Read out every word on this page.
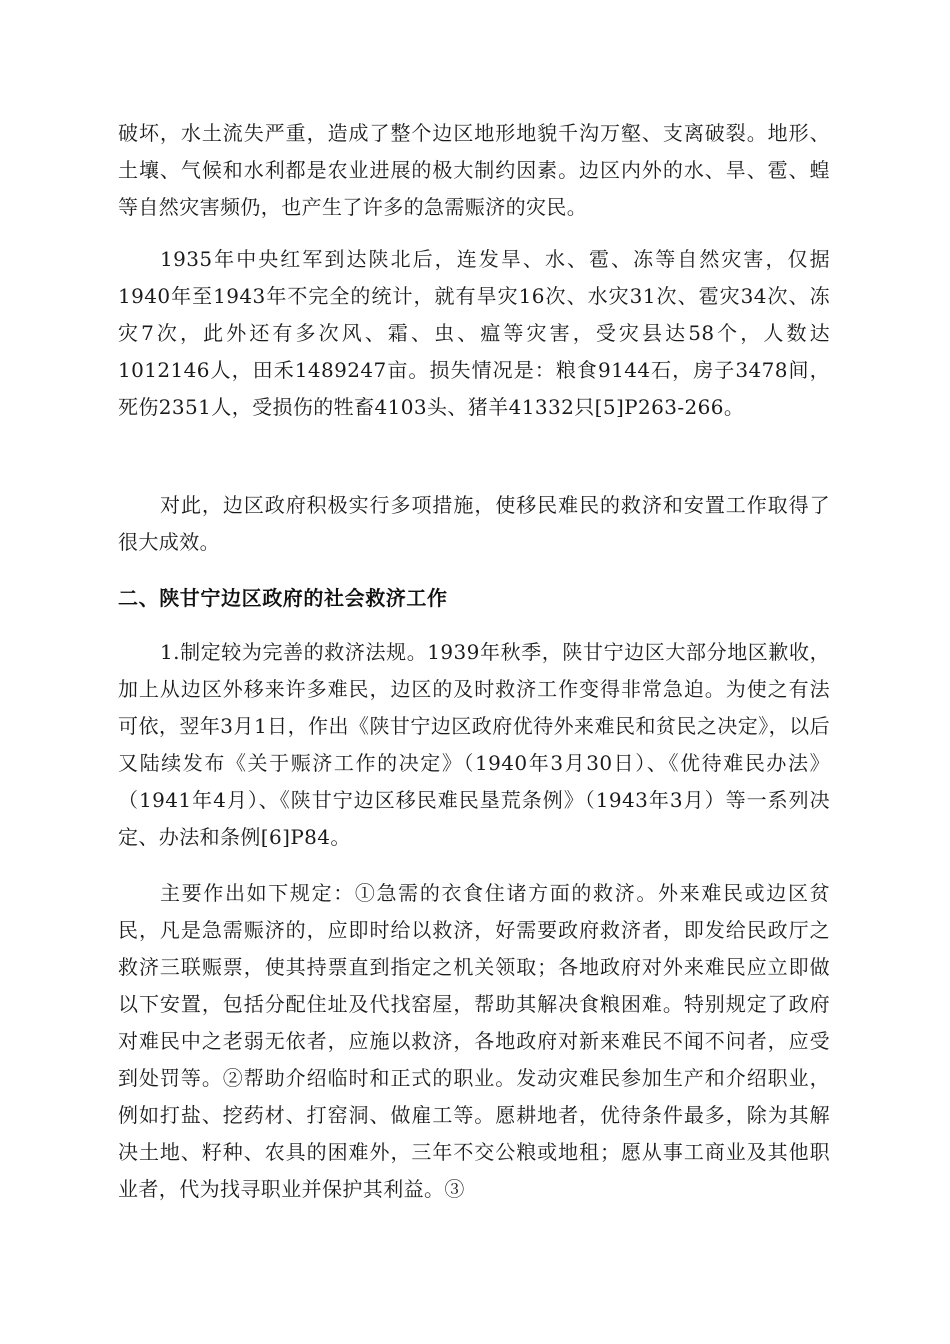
破坏，水土流失严重，造成了整个边区地形地貌千沟万壑、支离破裂。地形、土壤、气候和水利都是农业进展的极大制约因素。边区内外的水、旱、雹、蝗等自然灾害频仍，也产生了许多的急需赈济的灾民。

1935年中央红军到达陕北后，连发旱、水、雹、冻等自然灾害，仅据1940年至1943年不完全的统计，就有旱灾16次、水灾31次、雹灾34次、冻灾7次，此外还有多次风、霜、虫、瘟等灾害，受灾县达58个，人数达1012146人，田禾1489247亩。损失情况是：粮食9144石，房子3478间，死伤2351人，受损伤的牲畜4103头、猪羊41332只[5]P263-266。

对此，边区政府积极实行多项措施，使移民难民的救济和安置工作取得了很大成效。

二、陕甘宁边区政府的社会救济工作

1.制定较为完善的救济法规。1939年秋季，陕甘宁边区大部分地区歉收，加上从边区外移来许多难民，边区的及时救济工作变得非常急迫。为使之有法可依，翌年3月1日，作出《陕甘宁边区政府优待外来难民和贫民之决定》，以后又陆续发布《关于赈济工作的决定》（1940年3月30日）、《优待难民办法》（1941年4月）、《陕甘宁边区移民难民垦荒条例》（1943年3月）等一系列决定、办法和条例[6]P84。

主要作出如下规定：①急需的衣食住诸方面的救济。外来难民或边区贫民，凡是急需赈济的，应即时给以救济，好需要政府救济者，即发给民政厅之救济三联赈票，使其持票直到指定之机关领取；各地政府对外来难民应立即做以下安置，包括分配住址及代找窑屋，帮助其解决食粮困难。特别规定了政府对难民中之老弱无依者，应施以救济，各地政府对新来难民不闻不问者，应受到处罚等。②帮助介绍临时和正式的职业。发动灾难民参加生产和介绍职业，例如打盐、挖药材、打窑洞、做雇工等。愿耕地者，优待条件最多，除为其解决土地、籽种、农具的困难外，三年不交公粮或地租；愿从事工商业及其他职业者，代为找寻职业并保护其利益。③
